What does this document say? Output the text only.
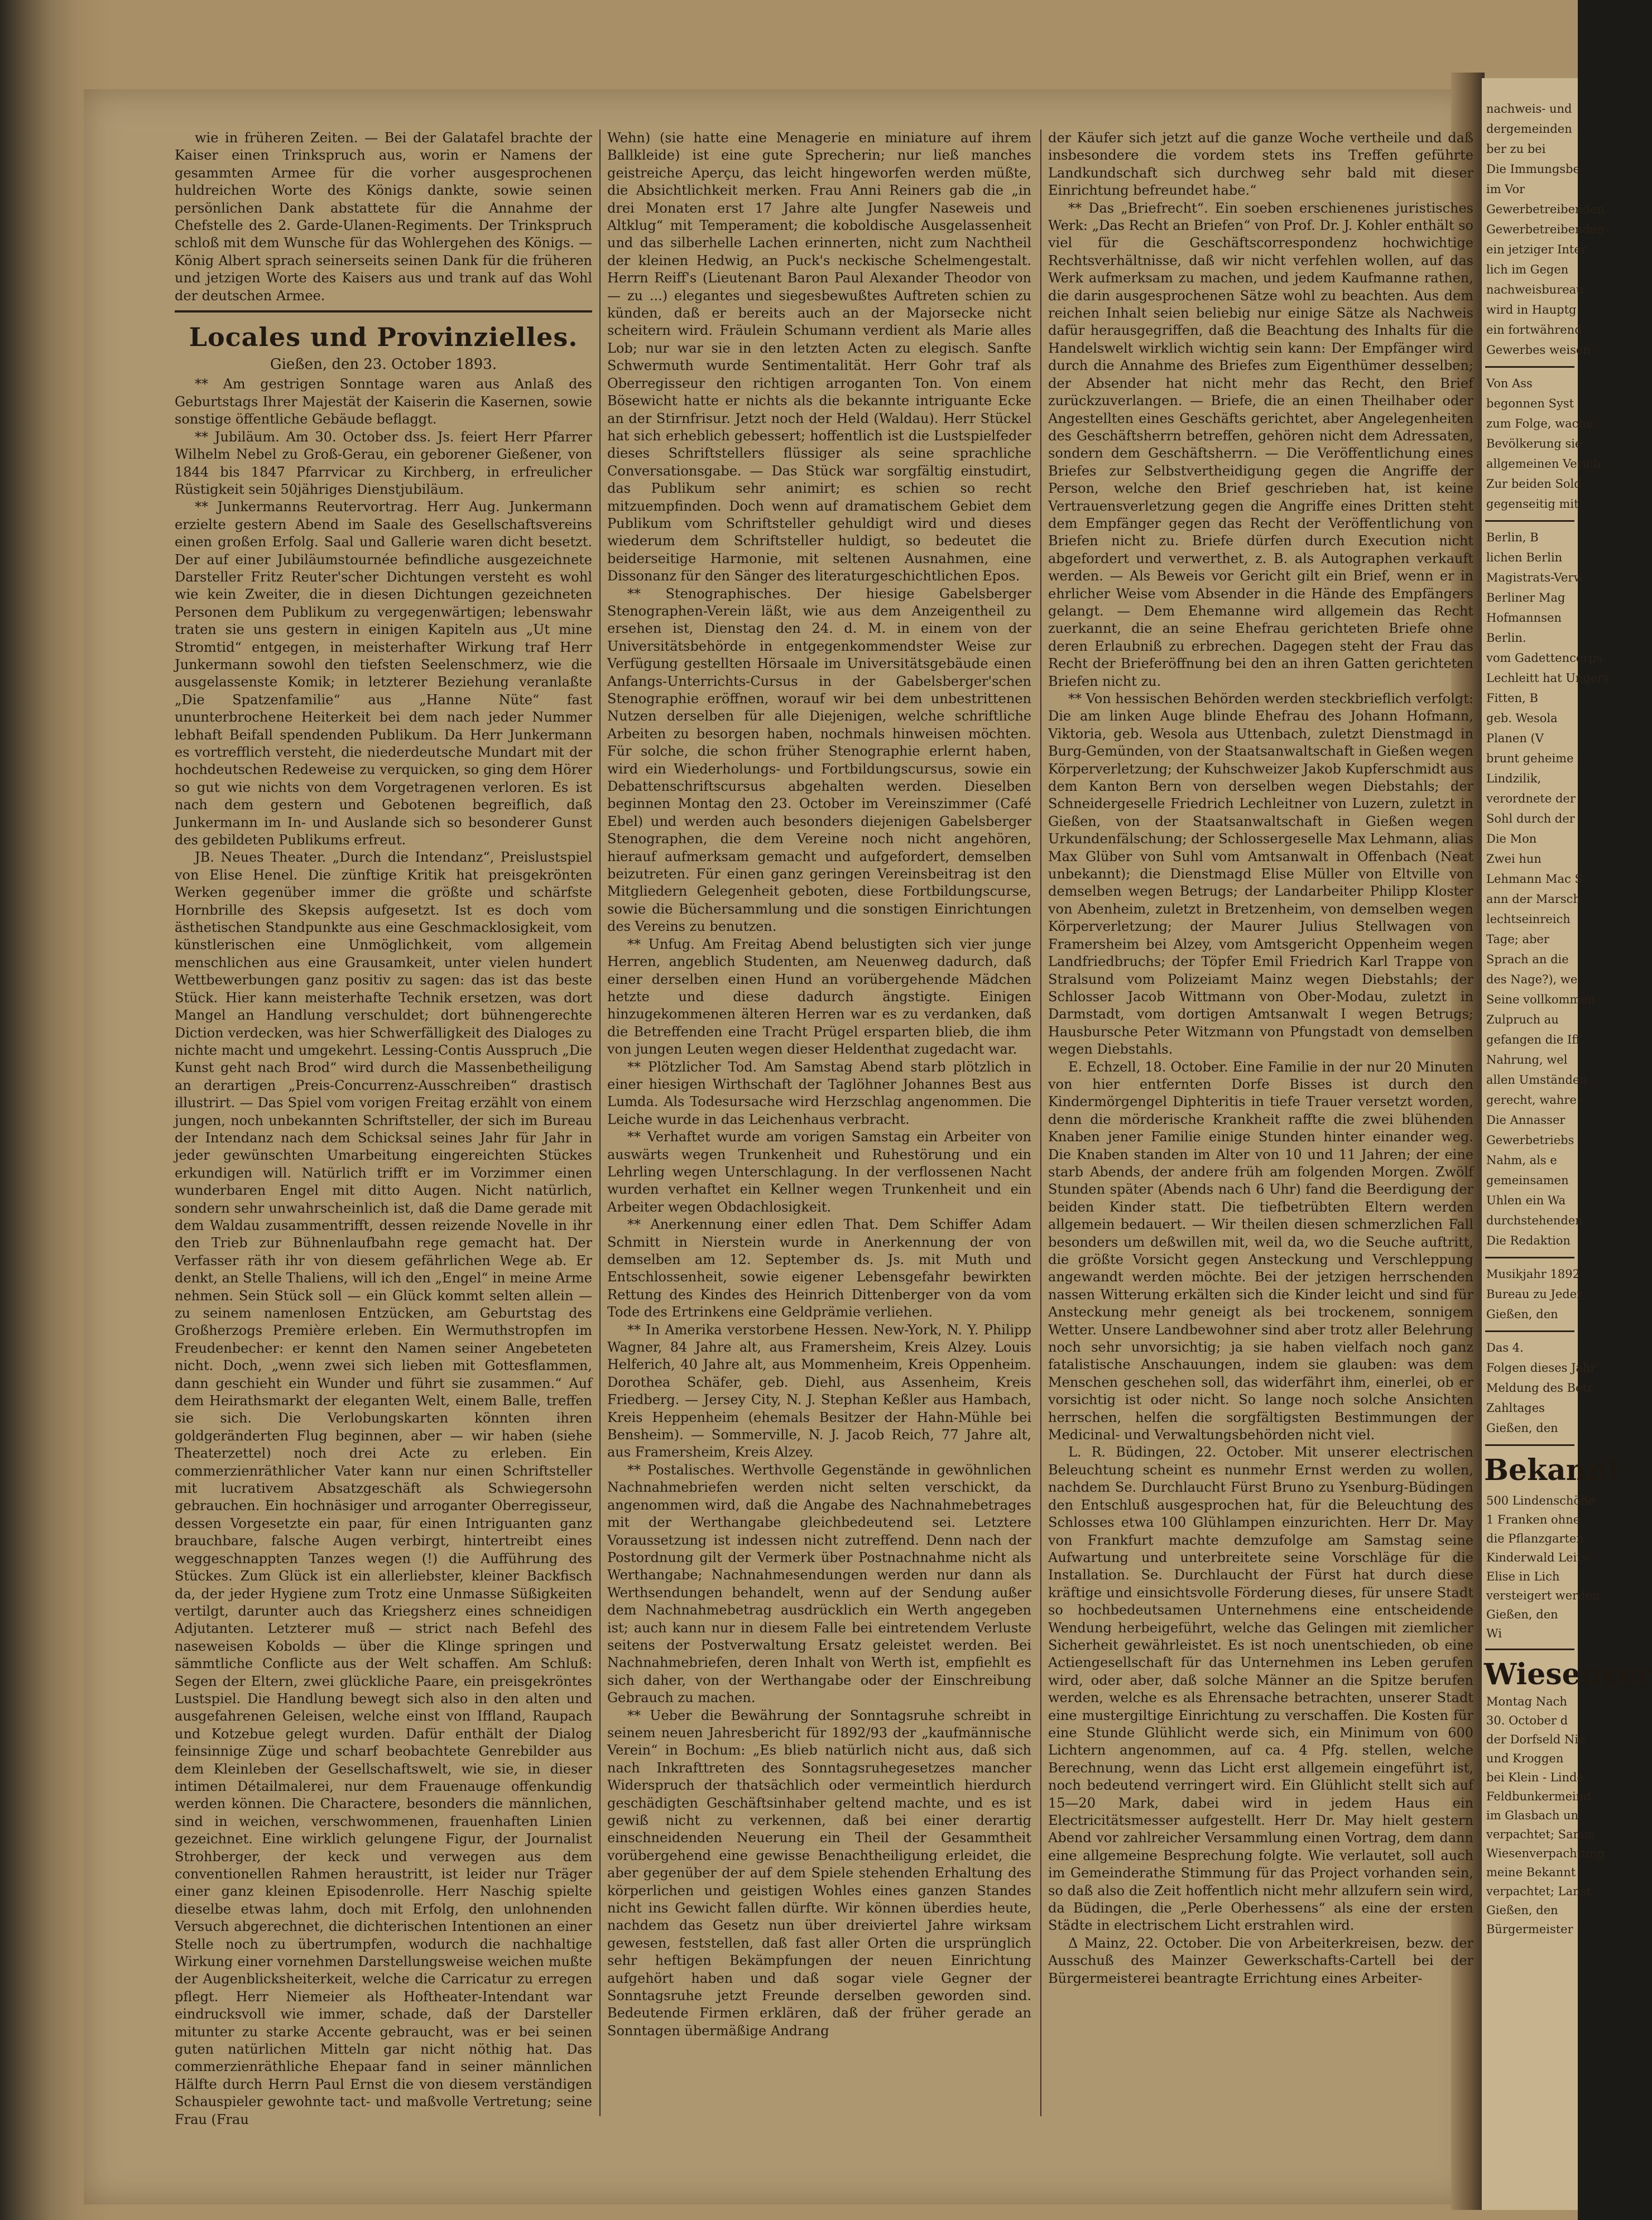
nachweis- und
dergemeinden
ber zu bei
Die Immungsbe
im Vor
Gewerbetreibenden
Gewerbetreibenden
ein jetziger Inter
lich im Gegen
nachweisbureau
wird in Hauptg
ein fortwährend
Gewerbes weisen
Von Ass
begonnen Syst
zum Folge, wache
Bevölkerung sie
allgemeinen Verich
Zur beiden Sold
gegenseitig mit
Berlin, B
lichen Berlin
Magistrats-Verw
Berliner Mag
Hofmannsen
Berlin.
vom Gadettencorps
Lechleitt hat Ungers
Fitten, B
geb. Wesola
Planen (V
brunt geheime
Lindzilik,
verordnete der
Sohl durch der
Die Mon
Zwei hun
Lehmann Mac S
ann der Marsch
lechtseinreich
Tage; aber
Sprach an die
des Nage?), we
Seine vollkommen
Zulpruch au
gefangen die Iff
Nahrung, wel
allen Umständen
gerecht, wahre
Die Annasser
Gewerbetriebs
Nahm, als e
gemeinsamen
Uhlen ein Wa
durchstehenden
Die Redaktion
Musikjahr 1892
Bureau zu Jeder
Gießen, den
Das 4.
Folgen dieses Jahr
Meldung des Betr
Zahltages
Gießen, den
Bekannt
500 Lindenschöße
1 Franken ohne
die Pflanzgarten
Kinderwald Leits
Elise in Lich
versteigert werden
Gießen, den
Wi
Wiesenver
Montag Nach
30. October d
der Dorfseld Nie
und Kroggen
bei Klein - Linde
Feldbunkermeind
im Glasbach un
verpachtet; Samm
Wiesenverpachtung
meine Bekannt
verpachtet; Lanst
Gießen, den
Bürgermeister

wie in früheren Zeiten. — Bei der Galatafel brachte der Kaiser einen Trinkspruch aus, worin er Namens der gesammten Armee für die vorher ausgesprochenen huldreichen Worte des Königs dankte, sowie seinen persönlichen Dank abstattete für die Annahme der Chefstelle des 2. Garde-Ulanen-Regiments. Der Trinkspruch schloß mit dem Wunsche für das Wohlergehen des Königs. — König Albert sprach seinerseits seinen Dank für die früheren und jetzigen Worte des Kaisers aus und trank auf das Wohl der deutschen Armee.

Locales und Provinzielles.
Gießen, den 23. October 1893.

** Am gestrigen Sonntage waren aus Anlaß des Geburtstags Ihrer Majestät der Kaiserin die Kasernen, sowie sonstige öffentliche Gebäude beflaggt.

** Jubiläum. Am 30. October dss. Js. feiert Herr Pfarrer Wilhelm Nebel zu Groß-Gerau, ein geborener Gießener, von 1844 bis 1847 Pfarrvicar zu Kirchberg, in erfreulicher Rüstigkeit sein 50jähriges Dienstjubiläum.

** Junkermanns Reutervortrag. Herr Aug. Junkermann erzielte gestern Abend im Saale des Gesellschaftsvereins einen großen Erfolg. Saal und Gallerie waren dicht besetzt. Der auf einer Jubiläumstournée befindliche ausgezeichnete Darsteller Fritz Reuter'scher Dichtungen versteht es wohl wie kein Zweiter, die in diesen Dichtungen gezeichneten Personen dem Publikum zu vergegenwärtigen; lebenswahr traten sie uns gestern in einigen Kapiteln aus „Ut mine Stromtid“ entgegen, in meisterhafter Wirkung traf Herr Junkermann sowohl den tiefsten Seelenschmerz, wie die ausgelassenste Komik; in letzterer Beziehung veranlaßte „Die Spatzenfamilie“ aus „Hanne Nüte“ fast ununterbrochene Heiterkeit bei dem nach jeder Nummer lebhaft Beifall spendenden Publikum. Da Herr Junkermann es vortrefflich versteht, die niederdeutsche Mundart mit der hochdeutschen Redeweise zu verquicken, so ging dem Hörer so gut wie nichts von dem Vorgetragenen verloren. Es ist nach dem gestern und Gebotenen begreiflich, daß Junkermann im In- und Auslande sich so besonderer Gunst des gebildeten Publikums erfreut.

JB. Neues Theater. „Durch die Intendanz“, Preislustspiel von Elise Henel. Die zünftige Kritik hat preisgekrönten Werken gegenüber immer die größte und schärfste Hornbrille des Skepsis aufgesetzt. Ist es doch vom ästhetischen Standpunkte aus eine Geschmacklosigkeit, vom künstlerischen eine Unmöglichkeit, vom allgemein menschlichen aus eine Grausamkeit, unter vielen hundert Wettbewerbungen ganz positiv zu sagen: das ist das beste Stück. Hier kann meisterhafte Technik ersetzen, was dort Mangel an Handlung verschuldet; dort bühnengerechte Diction verdecken, was hier Schwerfälligkeit des Dialoges zu nichte macht und umgekehrt. Lessing-Contis Ausspruch „Die Kunst geht nach Brod“ wird durch die Massenbetheiligung an derartigen „Preis-Concurrenz-Ausschreiben“ drastisch illustrirt. — Das Spiel vom vorigen Freitag erzählt von einem jungen, noch unbekannten Schriftsteller, der sich im Bureau der Intendanz nach dem Schicksal seines Jahr für Jahr in jeder gewünschten Umarbeitung eingereichten Stückes erkundigen will. Natürlich trifft er im Vorzimmer einen wunderbaren Engel mit ditto Augen. Nicht natürlich, sondern sehr unwahrscheinlich ist, daß die Dame gerade mit dem Waldau zusammentrifft, dessen reizende Novelle in ihr den Trieb zur Bühnenlaufbahn rege gemacht hat. Der Verfasser räth ihr von diesem gefährlichen Wege ab. Er denkt, an Stelle Thaliens, will ich den „Engel“ in meine Arme nehmen. Sein Stück soll — ein Glück kommt selten allein — zu seinem namenlosen Entzücken, am Geburtstag des Großherzogs Première erleben. Ein Wermuthstropfen im Freudenbecher: er kennt den Namen seiner Angebeteten nicht. Doch, „wenn zwei sich lieben mit Gottesflammen, dann geschieht ein Wunder und führt sie zusammen.“ Auf dem Heirathsmarkt der eleganten Welt, einem Balle, treffen sie sich. Die Verlobungskarten könnten ihren goldgeränderten Flug beginnen, aber — wir haben (siehe Theaterzettel) noch drei Acte zu erleben. Ein commerzienräthlicher Vater kann nur einen Schriftsteller mit lucrativem Absatzgeschäft als Schwiegersohn gebrauchen. Ein hochnäsiger und arroganter Oberregisseur, dessen Vorgesetzte ein paar, für einen Intriguanten ganz brauchbare, falsche Augen verbirgt, hintertreibt eines weggeschnappten Tanzes wegen (!) die Aufführung des Stückes. Zum Glück ist ein allerliebster, kleiner Backfisch da, der jeder Hygiene zum Trotz eine Unmasse Süßigkeiten vertilgt, darunter auch das Kriegsherz eines schneidigen Adjutanten. Letzterer muß — strict nach Befehl des naseweisen Kobolds — über die Klinge springen und sämmtliche Conflicte aus der Welt schaffen. Am Schluß: Segen der Eltern, zwei glückliche Paare, ein preisgekröntes Lustspiel. Die Handlung bewegt sich also in den alten und ausgefahrenen Geleisen, welche einst von Iffland, Raupach und Kotzebue gelegt wurden. Dafür enthält der Dialog feinsinnige Züge und scharf beobachtete Genrebilder aus dem Kleinleben der Gesellschaftswelt, wie sie, in dieser intimen Détailmalerei, nur dem Frauenauge offenkundig werden können. Die Charactere, besonders die männlichen, sind in weichen, verschwommenen, frauenhaften Linien gezeichnet. Eine wirklich gelungene Figur, der Journalist Strohberger, der keck und verwegen aus dem conventionellen Rahmen heraustritt, ist leider nur Träger einer ganz kleinen Episodenrolle. Herr Naschig spielte dieselbe etwas lahm, doch mit Erfolg, den unlohnenden Versuch abgerechnet, die dichterischen Intentionen an einer Stelle noch zu übertrumpfen, wodurch die nachhaltige Wirkung einer vornehmen Darstellungsweise weichen mußte der Augenblicksheiterkeit, welche die Carricatur zu erregen pflegt. Herr Niemeier als Hoftheater-Intendant war eindrucksvoll wie immer, schade, daß der Darsteller mitunter zu starke Accente gebraucht, was er bei seinen guten natürlichen Mitteln gar nicht nöthig hat. Das commerzienräthliche Ehepaar fand in seiner männlichen Hälfte durch Herrn Paul Ernst die von diesem verständigen Schauspieler gewohnte tact- und maßvolle Vertretung; seine Frau (Frau

Wehn) (sie hatte eine Menagerie en miniature auf ihrem Ballkleide) ist eine gute Sprecherin; nur ließ manches geistreiche Aperçu, das leicht hingeworfen werden müßte, die Absichtlichkeit merken. Frau Anni Reiners gab die „in drei Monaten erst 17 Jahre alte Jungfer Naseweis und Altklug“ mit Temperament; die koboldische Ausgelassenheit und das silberhelle Lachen erinnerten, nicht zum Nachtheil der kleinen Hedwig, an Puck's neckische Schelmengestalt. Herrn Reiff's (Lieutenant Baron Paul Alexander Theodor von — zu ...) elegantes und siegesbewußtes Auftreten schien zu künden, daß er bereits auch an der Majorsecke nicht scheitern wird. Fräulein Schumann verdient als Marie alles Lob; nur war sie in den letzten Acten zu elegisch. Sanfte Schwermuth wurde Sentimentalität. Herr Gohr traf als Oberregisseur den richtigen arroganten Ton. Von einem Bösewicht hatte er nichts als die bekannte intriguante Ecke an der Stirnfrisur. Jetzt noch der Held (Waldau). Herr Stückel hat sich erheblich gebessert; hoffentlich ist die Lustspielfeder dieses Schriftstellers flüssiger als seine sprachliche Conversationsgabe. — Das Stück war sorgfältig einstudirt, das Publikum sehr animirt; es schien so recht mitzuempfinden. Doch wenn auf dramatischem Gebiet dem Publikum vom Schriftsteller gehuldigt wird und dieses wiederum dem Schriftsteller huldigt, so bedeutet die beiderseitige Harmonie, mit seltenen Ausnahmen, eine Dissonanz für den Sänger des literaturgeschichtlichen Epos.

** Stenographisches. Der hiesige Gabelsberger Stenographen-Verein läßt, wie aus dem Anzeigentheil zu ersehen ist, Dienstag den 24. d. M. in einem von der Universitätsbehörde in entgegenkommendster Weise zur Verfügung gestellten Hörsaale im Universitätsgebäude einen Anfangs-Unterrichts-Cursus in der Gabelsberger'schen Stenographie eröffnen, worauf wir bei dem unbestrittenen Nutzen derselben für alle Diejenigen, welche schriftliche Arbeiten zu besorgen haben, nochmals hinweisen möchten. Für solche, die schon früher Stenographie erlernt haben, wird ein Wiederholungs- und Fortbildungscursus, sowie ein Debattenschriftscursus abgehalten werden. Dieselben beginnen Montag den 23. October im Vereinszimmer (Café Ebel) und werden auch besonders diejenigen Gabelsberger Stenographen, die dem Vereine noch nicht angehören, hierauf aufmerksam gemacht und aufgefordert, demselben beizutreten. Für einen ganz geringen Vereinsbeitrag ist den Mitgliedern Gelegenheit geboten, diese Fortbildungscurse, sowie die Büchersammlung und die sonstigen Einrichtungen des Vereins zu benutzen.

** Unfug. Am Freitag Abend belustigten sich vier junge Herren, angeblich Studenten, am Neuenweg dadurch, daß einer derselben einen Hund an vorübergehende Mädchen hetzte und diese dadurch ängstigte. Einigen hinzugekommenen älteren Herren war es zu verdanken, daß die Betreffenden eine Tracht Prügel ersparten blieb, die ihm von jungen Leuten wegen dieser Heldenthat zugedacht war.

** Plötzlicher Tod. Am Samstag Abend starb plötzlich in einer hiesigen Wirthschaft der Taglöhner Johannes Best aus Lumda. Als Todesursache wird Herzschlag angenommen. Die Leiche wurde in das Leichenhaus verbracht.

** Verhaftet wurde am vorigen Samstag ein Arbeiter von auswärts wegen Trunkenheit und Ruhestörung und ein Lehrling wegen Unterschlagung. In der verflossenen Nacht wurden verhaftet ein Kellner wegen Trunkenheit und ein Arbeiter wegen Obdachlosigkeit.

** Anerkennung einer edlen That. Dem Schiffer Adam Schmitt in Nierstein wurde in Anerkennung der von demselben am 12. September ds. Js. mit Muth und Entschlossenheit, sowie eigener Lebensgefahr bewirkten Rettung des Kindes des Heinrich Dittenberger von da vom Tode des Ertrinkens eine Geldprämie verliehen.

** In Amerika verstorbene Hessen. New-York, N. Y. Philipp Wagner, 84 Jahre alt, aus Framersheim, Kreis Alzey. Louis Helferich, 40 Jahre alt, aus Mommenheim, Kreis Oppenheim. Dorothea Schäfer, geb. Diehl, aus Assenheim, Kreis Friedberg. — Jersey City, N. J. Stephan Keßler aus Hambach, Kreis Heppenheim (ehemals Besitzer der Hahn-Mühle bei Bensheim). — Sommerville, N. J. Jacob Reich, 77 Jahre alt, aus Framersheim, Kreis Alzey.

** Postalisches. Werthvolle Gegenstände in gewöhnlichen Nachnahmebriefen werden nicht selten verschickt, da angenommen wird, daß die Angabe des Nachnahmebetrages mit der Werthangabe gleichbedeutend sei. Letztere Voraussetzung ist indessen nicht zutreffend. Denn nach der Postordnung gilt der Vermerk über Postnachnahme nicht als Werthangabe; Nachnahmesendungen werden nur dann als Werthsendungen behandelt, wenn auf der Sendung außer dem Nachnahmebetrag ausdrücklich ein Werth angegeben ist; auch kann nur in diesem Falle bei eintretendem Verluste seitens der Postverwaltung Ersatz geleistet werden. Bei Nachnahmebriefen, deren Inhalt von Werth ist, empfiehlt es sich daher, von der Werthangabe oder der Einschreibung Gebrauch zu machen.

** Ueber die Bewährung der Sonntagsruhe schreibt in seinem neuen Jahresbericht für 1892/93 der „kaufmännische Verein“ in Bochum: „Es blieb natürlich nicht aus, daß sich nach Inkrafttreten des Sonntagsruhegesetzes mancher Widerspruch der thatsächlich oder vermeintlich hierdurch geschädigten Geschäftsinhaber geltend machte, und es ist gewiß nicht zu verkennen, daß bei einer derartig einschneidenden Neuerung ein Theil der Gesammtheit vorübergehend eine gewisse Benachtheiligung erleidet, die aber gegenüber der auf dem Spiele stehenden Erhaltung des körperlichen und geistigen Wohles eines ganzen Standes nicht ins Gewicht fallen dürfte. Wir können überdies heute, nachdem das Gesetz nun über dreiviertel Jahre wirksam gewesen, feststellen, daß fast aller Orten die ursprünglich sehr heftigen Bekämpfungen der neuen Einrichtung aufgehört haben und daß sogar viele Gegner der Sonntagsruhe jetzt Freunde derselben geworden sind. Bedeutende Firmen erklären, daß der früher gerade an Sonntagen übermäßige Andrang

der Käufer sich jetzt auf die ganze Woche vertheile und daß insbesondere die vordem stets ins Treffen geführte Landkundschaft sich durchweg sehr bald mit dieser Einrichtung befreundet habe.“

** Das „Briefrecht“. Ein soeben erschienenes juristisches Werk: „Das Recht an Briefen“ von Prof. Dr. J. Kohler enthält so viel für die Geschäftscorrespondenz hochwichtige Rechtsverhältnisse, daß wir nicht verfehlen wollen, auf das Werk aufmerksam zu machen, und jedem Kaufmanne rathen, die darin ausgesprochenen Sätze wohl zu beachten. Aus dem reichen Inhalt seien beliebig nur einige Sätze als Nachweis dafür herausgegriffen, daß die Beachtung des Inhalts für die Handelswelt wirklich wichtig sein kann: Der Empfänger wird durch die Annahme des Briefes zum Eigenthümer desselben; der Absender hat nicht mehr das Recht, den Brief zurückzuverlangen. — Briefe, die an einen Theilhaber oder Angestellten eines Geschäfts gerichtet, aber Angelegenheiten des Geschäftsherrn betreffen, gehören nicht dem Adressaten, sondern dem Geschäftsherrn. — Die Veröffentlichung eines Briefes zur Selbstvertheidigung gegen die Angriffe der Person, welche den Brief geschrieben hat, ist keine Vertrauensverletzung gegen die Angriffe eines Dritten steht dem Empfänger gegen das Recht der Veröffentlichung von Briefen nicht zu. Briefe dürfen durch Execution nicht abgefordert und verwerthet, z. B. als Autographen verkauft werden. — Als Beweis vor Gericht gilt ein Brief, wenn er in ehrlicher Weise vom Absender in die Hände des Empfängers gelangt. — Dem Ehemanne wird allgemein das Recht zuerkannt, die an seine Ehefrau gerichteten Briefe ohne deren Erlaubniß zu erbrechen. Dagegen steht der Frau das Recht der Brieferöffnung bei den an ihren Gatten gerichteten Briefen nicht zu.

** Von hessischen Behörden werden steckbrieflich verfolgt: Die am linken Auge blinde Ehefrau des Johann Hofmann, Viktoria, geb. Wesola aus Uttenbach, zuletzt Dienstmagd in Burg-Gemünden, von der Staatsanwaltschaft in Gießen wegen Körperverletzung; der Kuhschweizer Jakob Kupferschmidt aus dem Kanton Bern von derselben wegen Diebstahls; der Schneidergeselle Friedrich Lechleitner von Luzern, zuletzt in Gießen, von der Staatsanwaltschaft in Gießen wegen Urkundenfälschung; der Schlossergeselle Max Lehmann, alias Max Glüber von Suhl vom Amtsanwalt in Offenbach (Neat unbekannt); die Dienstmagd Elise Müller von Eltville von demselben wegen Betrugs; der Landarbeiter Philipp Kloster von Abenheim, zuletzt in Bretzenheim, von demselben wegen Körperverletzung; der Maurer Julius Stellwagen von Framersheim bei Alzey, vom Amtsgericht Oppenheim wegen Landfriedbruchs; der Töpfer Emil Friedrich Karl Trappe von Stralsund vom Polizeiamt Mainz wegen Diebstahls; der Schlosser Jacob Wittmann von Ober-Modau, zuletzt in Darmstadt, vom dortigen Amtsanwalt I wegen Betrugs; Hausbursche Peter Witzmann von Pfungstadt von demselben wegen Diebstahls.

E. Echzell, 18. October. Eine Familie in der nur 20 Minuten von hier entfernten Dorfe Bisses ist durch den Kindermörgengel Diphteritis in tiefe Trauer versetzt worden, denn die mörderische Krankheit raffte die zwei blühenden Knaben jener Familie einige Stunden hinter einander weg. Die Knaben standen im Alter von 10 und 11 Jahren; der eine starb Abends, der andere früh am folgenden Morgen. Zwölf Stunden später (Abends nach 6 Uhr) fand die Beerdigung der beiden Kinder statt. Die tiefbetrübten Eltern werden allgemein bedauert. — Wir theilen diesen schmerzlichen Fall besonders um deßwillen mit, weil da, wo die Seuche auftritt, die größte Vorsicht gegen Ansteckung und Verschleppung angewandt werden möchte. Bei der jetzigen herrschenden nassen Witterung erkälten sich die Kinder leicht und sind für Ansteckung mehr geneigt als bei trockenem, sonnigem Wetter. Unsere Landbewohner sind aber trotz aller Belehrung noch sehr unvorsichtig; ja sie haben vielfach noch ganz fatalistische Anschauungen, indem sie glauben: was dem Menschen geschehen soll, das widerfährt ihm, einerlei, ob er vorsichtig ist oder nicht. So lange noch solche Ansichten herrschen, helfen die sorgfältigsten Bestimmungen der Medicinal- und Verwaltungsbehörden nicht viel.

L. R. Büdingen, 22. October. Mit unserer electrischen Beleuchtung scheint es nunmehr Ernst werden zu wollen, nachdem Se. Durchlaucht Fürst Bruno zu Ysenburg-Büdingen den Entschluß ausgesprochen hat, für die Beleuchtung des Schlosses etwa 100 Glühlampen einzurichten. Herr Dr. May von Frankfurt machte demzufolge am Samstag seine Aufwartung und unterbreitete seine Vorschläge für die Installation. Se. Durchlaucht der Fürst hat durch diese kräftige und einsichtsvolle Förderung dieses, für unsere Stadt so hochbedeutsamen Unternehmens eine entscheidende Wendung herbeigeführt, welche das Gelingen mit ziemlicher Sicherheit gewährleistet. Es ist noch unentschieden, ob eine Actiengesellschaft für das Unternehmen ins Leben gerufen wird, oder aber, daß solche Männer an die Spitze berufen werden, welche es als Ehrensache betrachten, unserer Stadt eine mustergiltige Einrichtung zu verschaffen. Die Kosten für eine Stunde Glühlicht werde sich, ein Minimum von 600 Lichtern angenommen, auf ca. 4 Pfg. stellen, welche Berechnung, wenn das Licht erst allgemein eingeführt ist, noch bedeutend verringert wird. Ein Glühlicht stellt sich auf 15—20 Mark, dabei wird in jedem Haus ein Electricitätsmesser aufgestellt. Herr Dr. May hielt gestern Abend vor zahlreicher Versammlung einen Vortrag, dem dann eine allgemeine Besprechung folgte. Wie verlautet, soll auch im Gemeinderathe Stimmung für das Project vorhanden sein, so daß also die Zeit hoffentlich nicht mehr allzufern sein wird, da Büdingen, die „Perle Oberhessens“ als eine der ersten Städte in electrischem Licht erstrahlen wird.

Δ Mainz, 22. October. Die von Arbeiterkreisen, bezw. der Ausschuß des Mainzer Gewerkschafts-Cartell bei der Bürgermeisterei beantragte Errichtung eines Arbeiter-
